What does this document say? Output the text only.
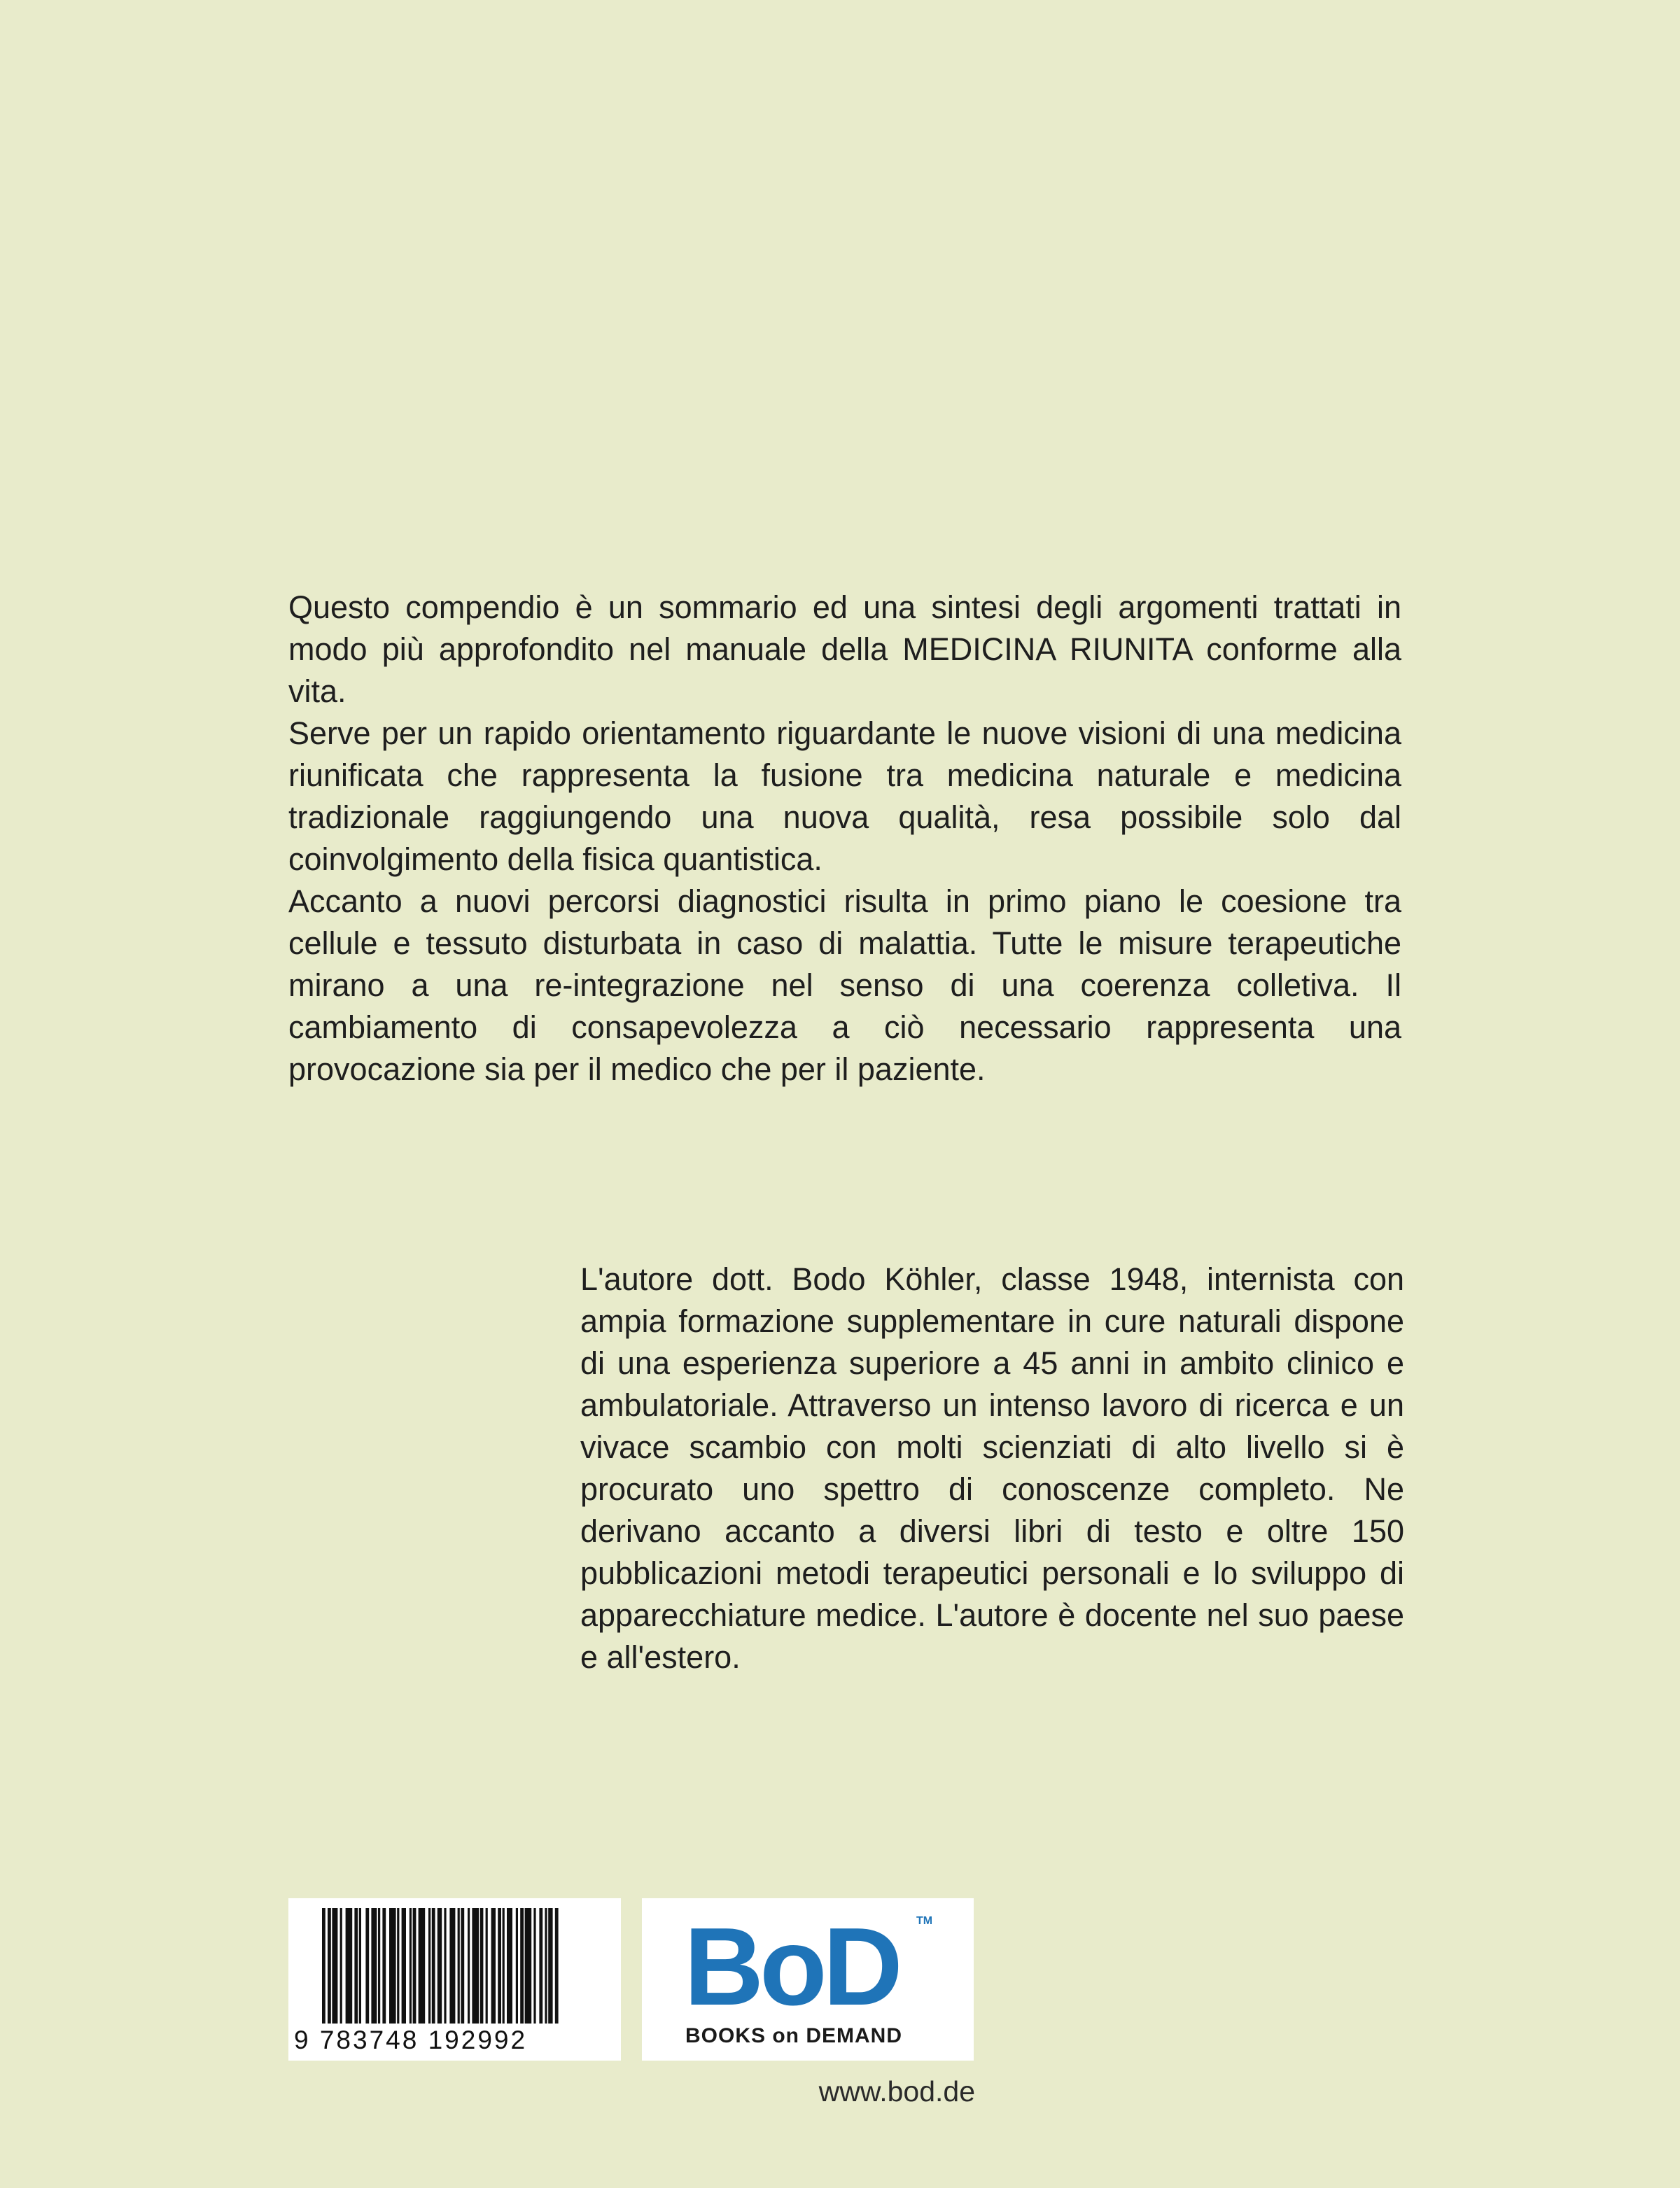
Questo compendio è un sommario ed una sintesi degli argomenti trattati in modo più approfondito nel manuale della MEDICINA RIUNITA conforme alla vita.

Serve per un rapido orientamento riguardante le nuove visioni di una medicina riunificata che rappresenta la fusione tra medicina naturale e medicina tradizionale raggiungendo una nuova qualità, resa possibile solo dal coinvolgimento della fisica quantistica.

Accanto a nuovi percorsi diagnostici risulta in primo piano le coesione tra cellule e tessuto disturbata in caso di malattia. Tutte le misure terapeutiche mirano a una re-integrazione nel senso di una coerenza colletiva. Il cambiamento di consapevolezza a ciò necessario rappresenta una provocazione sia per il medico che per il paziente.

L'autore dott. Bodo Köhler, classe 1948, internista con ampia formazione supplementare in cure naturali dispone di una esperienza superiore a 45 anni in ambito clinico e ambulatoriale. Attraverso un intenso lavoro di ricerca e un vivace scambio con molti scienziati di alto livello si è procurato uno spettro di conoscenze completo. Ne derivano accanto a diversi libri di testo e oltre 150 pubblicazioni metodi terapeutici personali e lo sviluppo di apparecchiature medice. L'autore è docente nel suo paese e all'estero.

9 783748 192992
BoD TM
BOOKS on DEMAND
www.bod.de
